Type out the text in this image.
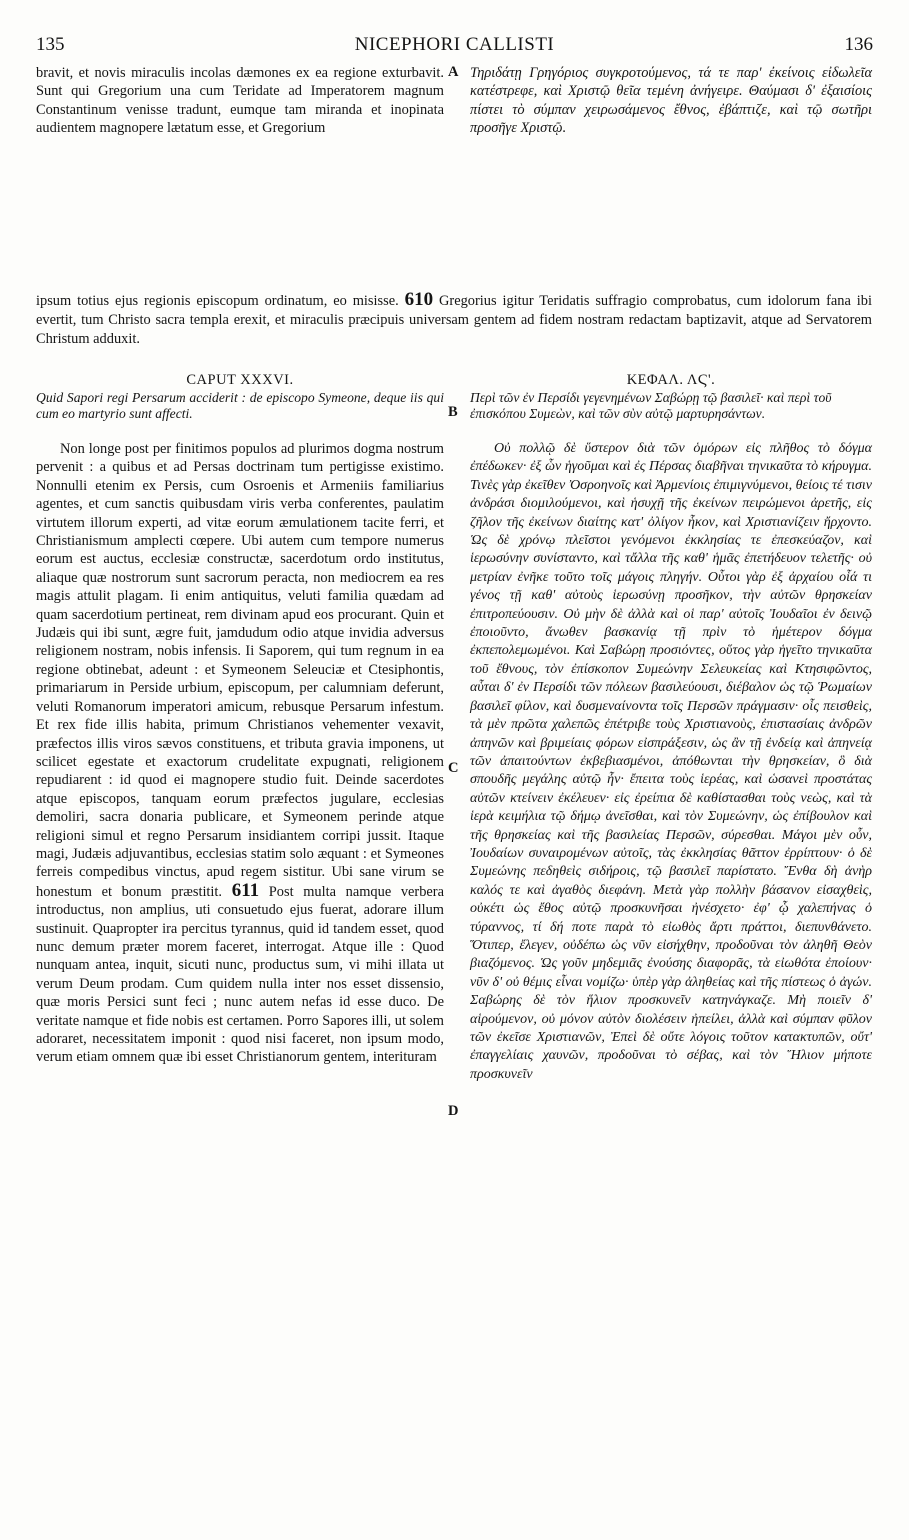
135	NICEPHORI CALLISTI	136

bravit, et novis miraculis incolas dæmones ex ea regione exturbavit. Sunt qui Gregorium una cum Teridate ad Imperatorem magnum Constantinum venisse tradunt, eumque tam miranda et inopinata audientem magnopere lætatum esse, et Gregorium

Τηριδάτῃ Γρηγόριος συγκροτούμενος, τά τε παρ' ἐκείνοις εἰδωλεῖα κατέστρεφε, καὶ Χριστῷ θεῖα τεμένη ἀνήγειρε. Θαύμασι δ' ἐξαισίοις πίστει τὸ σύμπαν χειρωσάμενος ἔθνος, ἐβάπτιζε, καὶ τῷ σωτῆρι προσῆγε Χριστῷ.

ipsum totius ejus regionis episcopum ordinatum, eo misisse. 610 Gregorius igitur Teridatis suffragio comprobatus, cum idolorum fana ibi evertit, tum Christo sacra templa erexit, et miraculis præcipuis universam gentem ad fidem nostram redactam baptizavit, atque ad Servatorem Christum adduxit.
CAPUT XXXVI.	ΚΕΦΑΛ. ΛϚ'.
Quid Sapori regi Persarum acciderit : de episcopo Symeone, deque iis qui cum eo martyrio sunt affecti.
Περὶ τῶν ἐν Περσίδι γεγενημένων Σαβώρῃ τῷ βασιλεῖ· καὶ περὶ τοῦ ἐπισκόπου Συμεὼν, καὶ τῶν σὺν αὐτῷ μαρτυρησάντων.

Non longe post per finitimos populos ad plurimos dogma nostrum pervenit : a quibus et ad Persas doctrinam tum pertigisse existimo. Nonnulli etenim ex Persis, cum Osroenis et Armeniis familiarius agentes, et cum sanctis quibusdam viris verba conferentes, paulatim virtutem illorum experti, ad vitæ eorum æmulationem tacite ferri, et Christianismum amplecti cœpere. Ubi autem cum tempore numerus eorum est auctus, ecclesiæ constructæ, sacerdotum ordo institutus, aliaque quæ nostrorum sunt sacrorum peracta, non mediocrem ea res magis attulit plagam. Ii enim antiquitus, veluti familia quædam ad quam sacerdotium pertineat, rem divinam apud eos procurant. Quin et Judæis qui ibi sunt, ægre fuit, jamdudum odio atque invidia adversus religionem nostram, nobis infensis. Ii Saporem, qui tum regnum in ea regione obtinebat, adeunt : et Symeonem Seleuciæ et Ctesiphontis, primariarum in Perside urbium, episcopum, per calumniam deferunt, veluti Romanorum imperatori amicum, rebusque Persarum infestum. Et rex fide illis habita, primum Christianos vehementer vexavit, præfectos illis viros sævos constituens, et tributa gravia imponens, ut scilicet egestate et exactorum crudelitate expugnati, religionem repudiarent : id quod ei magnopere studio fuit. Deinde sacerdotes atque episcopos, tanquam eorum præfectos jugulare, ecclesias demoliri, sacra donaria publicare, et Symeonem perinde atque religioni simul et regno Persarum insidiantem corripi jussit. Itaque magi, Judæis adjuvantibus, ecclesias statim solo æquant : et Symeones ferreis compedibus vinctus, apud regem sistitur. Ubi sane virum se honestum et bonum præstitit. 611 Post multa namque verbera introductus, non amplius, uti consuetudo ejus fuerat, adorare illum sustinuit. Quapropter ira percitus tyrannus, quid id tandem esset, quod nunc demum præter morem faceret, interrogat. Atque ille : Quod nunquam antea, inquit, sicuti nunc, productus sum, vi mihi illata ut verum Deum prodam. Cum quidem nulla inter nos esset dissensio, quæ moris Persici sunt feci ; nunc autem nefas id esse duco. De veritate namque et fide nobis est certamen. Porro Sapores illi, ut solem adoraret, necessitatem imponit : quod nisi faceret, non ipsum modo, verum etiam omnem quæ ibi esset Christianorum gentem, interituram

Οὐ πολλῷ δὲ ὕστερον διὰ τῶν ὁμόρων εἰς πλῆθος τὸ δόγμα ἐπέδωκεν· ἐξ ὧν ἡγοῦμαι καὶ ἐς Πέρσας διαβῆναι τηνικαῦτα τὸ κήρυγμα. Τινὲς γὰρ ἐκεῖθεν Ὀσροηνοῖς καὶ Ἀρμενίοις ἐπιμιγνύμενοι, θείοις τέ τισιν ἀνδράσι διομιλούμενοι, καὶ ἡσυχῇ τῆς ἐκείνων πειρώμενοι ἀρετῆς, εἰς ζῆλον τῆς ἐκείνων διαίτης κατ' ὀλίγον ἧκον, καὶ Χριστιανίζειν ἤρχοντο. Ὡς δὲ χρόνῳ πλεῖστοι γενόμενοι ἐκκλησίας τε ἐπεσκεύαζον, καὶ ἱερωσύνην συνίσταντο, καὶ τἄλλα τῆς καθ' ἡμᾶς ἐπετήδευον τελετῆς· οὐ μετρίαν ἐνῆκε τοῦτο τοῖς μάγοις πληγήν. Οὗτοι γὰρ ἐξ ἀρχαίου οἷά τι γένος τῇ καθ' αὐτοὺς ἱερωσύνῃ προσῆκον, τὴν αὐτῶν θρησκείαν ἐπιτροπεύουσιν. Οὐ μὴν δὲ ἀλλὰ καὶ οἱ παρ' αὐτοῖς Ἰουδαῖοι ἐν δεινῷ ἐποιοῦντο, ἄνωθεν βασκανίᾳ τῇ πρὶν τὸ ἡμέτερον δόγμα ἐκπεπολεμωμένοι. Καὶ Σαβώρῃ προσιόντες, οὕτος γὰρ ἡγεῖτο τηνικαῦτα τοῦ ἔθνους, τὸν ἐπίσκοπον Συμεώνην Σελευκείας καὶ Κτησιφῶντος, αὗται δ' ἐν Περσίδι τῶν πόλεων βασιλεύουσι, διέβαλον ὡς τῷ Ῥωμαίων βασιλεῖ φίλον, καὶ δυσμεναίνοντα τοῖς Περσῶν πράγμασιν· οἷς πεισθεὶς, τὰ μὲν πρῶτα χαλεπῶς ἐπέτριβε τοὺς Χριστιανοὺς, ἐπιστασίαις ἀνδρῶν ἀπηνῶν καὶ βριμείαις φόρων εἰσπράξεσιν, ὡς ἂν τῇ ἐνδείᾳ καὶ ἀπηνείᾳ τῶν ἀπαιτούντων ἐκβεβιασμένοι, ἀπόθωνται τὴν θρησκείαν, ὃ διὰ σπουδῆς μεγάλης αὐτῷ ἦν· ἔπειτα τοὺς ἱερέας, καὶ ὡσανεὶ προστάτας αὐτῶν κτείνειν ἐκέλευεν· εἰς ἐρείπια δὲ καθίστασθαι τοὺς νεὼς, καὶ τὰ ἱερὰ κειμήλια τῷ δήμῳ ἀνεῖσθαι, καὶ τὸν Συμεώνην, ὡς ἐπίβουλον καὶ τῆς θρησκείας καὶ τῆς βασιλείας Περσῶν, σύρεσθαι. Μάγοι μὲν οὖν, Ἰουδαίων συναιρομένων αὐτοῖς, τὰς ἐκκλησίας θᾶττον ἐρρίπτουν· ὁ δὲ Συμεώνης πεδηθεὶς σιδήροις, τῷ βασιλεῖ παρίστατο. Ἔνθα δὴ ἀνὴρ καλός τε καὶ ἀγαθὸς διεφάνη. Μετὰ γὰρ πολλὴν βάσανον εἰσαχθεὶς, οὐκέτι ὡς ἔθος αὐτῷ προσκυνῆσαι ἠνέσχετο· ἐφ' ᾧ χαλεπήνας ὁ τύραννος, τί δή ποτε παρὰ τὸ εἰωθὸς ἄρτι πράττοι, διεπυνθάνετο. Ὅτιπερ, ἔλεγεν, οὐδέπω ὡς νῦν εἰσήχθην, προδοῦναι τὸν ἀληθῆ Θεὸν βιαζόμενος. Ὡς γοῦν μηδεμιᾶς ἐνούσης διαφορᾶς, τὰ εἰωθότα ἐποίουν· νῦν δ' οὐ θέμις εἶναι νομίζω· ὑπὲρ γὰρ ἀληθείας καὶ τῆς πίστεως ὁ ἀγών. Σαβώρης δὲ τὸν ἥλιον προσκυνεῖν κατηνάγκαζε. Μὴ ποιεῖν δ' αἱρούμενον, οὐ μόνον αὐτὸν διολέσειν ἠπείλει, ἀλλὰ καὶ σύμπαν φῦλον τῶν ἐκεῖσε Χριστιανῶν, Ἐπεὶ δὲ οὔτε λόγοις τοῦτον κατακτυπῶν, οὔτ' ἐπαγγελίαις χαυνῶν, προδοῦναι τὸ σέβας, καὶ τὸν Ἥλιον μήποτε προσκυνεῖν

A
B
C
D
